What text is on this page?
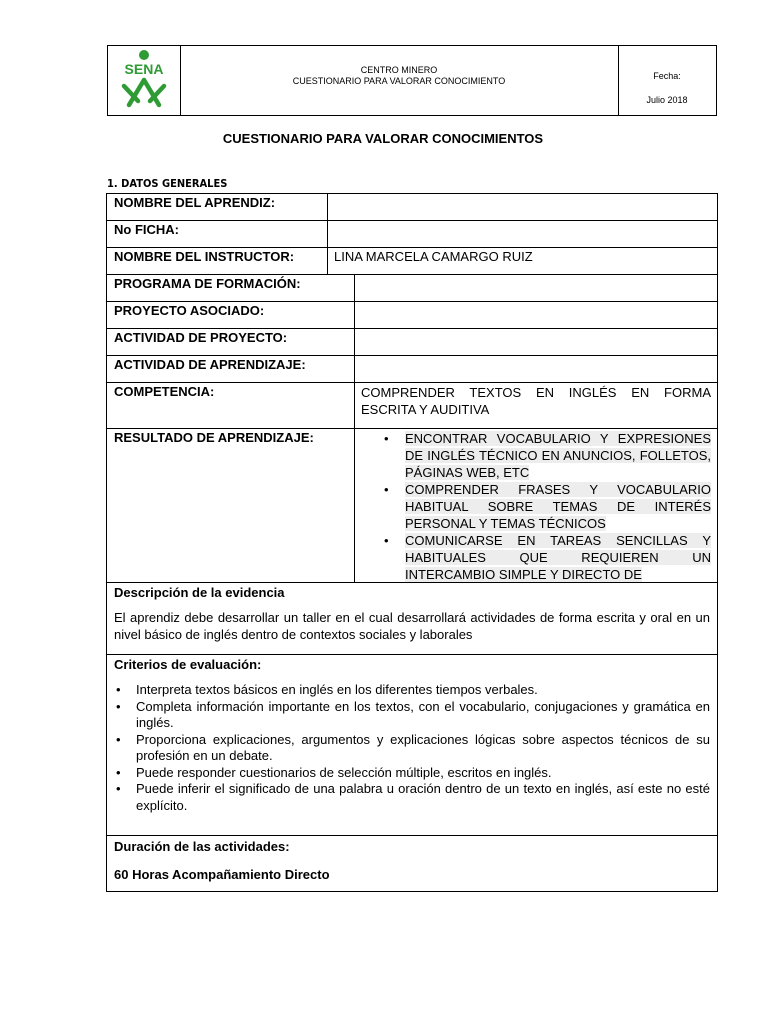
SENA	CENTRO MINERO
CUESTIONARIO PARA VALORAR CONOCIMIENTO	Fecha:
Julio 2018
CUESTIONARIO PARA VALORAR CONOCIMIENTOS
1. DATOS GENERALES
NOMBRE DEL APRENDIZ:
No FICHA:
NOMBRE DEL INSTRUCTOR:	LINA MARCELA CAMARGO RUIZ
PROGRAMA DE FORMACIÓN:
PROYECTO ASOCIADO:
ACTIVIDAD DE PROYECTO:
ACTIVIDAD DE APRENDIZAJE:
COMPETENCIA:	COMPRENDER TEXTOS EN INGLÉS EN FORMA ESCRITA Y AUDITIVA
RESULTADO DE APRENDIZAJE:
•	ENCONTRAR VOCABULARIO Y EXPRESIONES DE INGLÉS TÉCNICO EN ANUNCIOS, FOLLETOS, PÁGINAS WEB, ETC
• COMPRENDER FRASES Y VOCABULARIO HABITUAL SOBRE TEMAS DE INTERÉS PERSONAL Y TEMAS TÉCNICOS
• COMUNICARSE EN TAREAS SENCILLAS Y HABITUALES QUE REQUIEREN UN INTERCAMBIO SIMPLE Y DIRECTO DE
Descripción de la evidencia
El aprendiz debe desarrollar un taller en el cual desarrollará actividades de forma escrita y oral en un nivel básico de inglés dentro de contextos sociales y laborales
Criterios de evaluación:
• Interpreta textos básicos en inglés en los diferentes tiempos verbales.
• Completa información importante en los textos, con el vocabulario, conjugaciones y gramática en inglés.
• Proporciona explicaciones, argumentos y explicaciones lógicas sobre aspectos técnicos de su profesión en un debate.
• Puede responder cuestionarios de selección múltiple, escritos en inglés.
• Puede inferir el significado de una palabra u oración dentro de un texto en inglés, así este no esté explícito.
Duración de las actividades:
60 Horas Acompañamiento Directo
